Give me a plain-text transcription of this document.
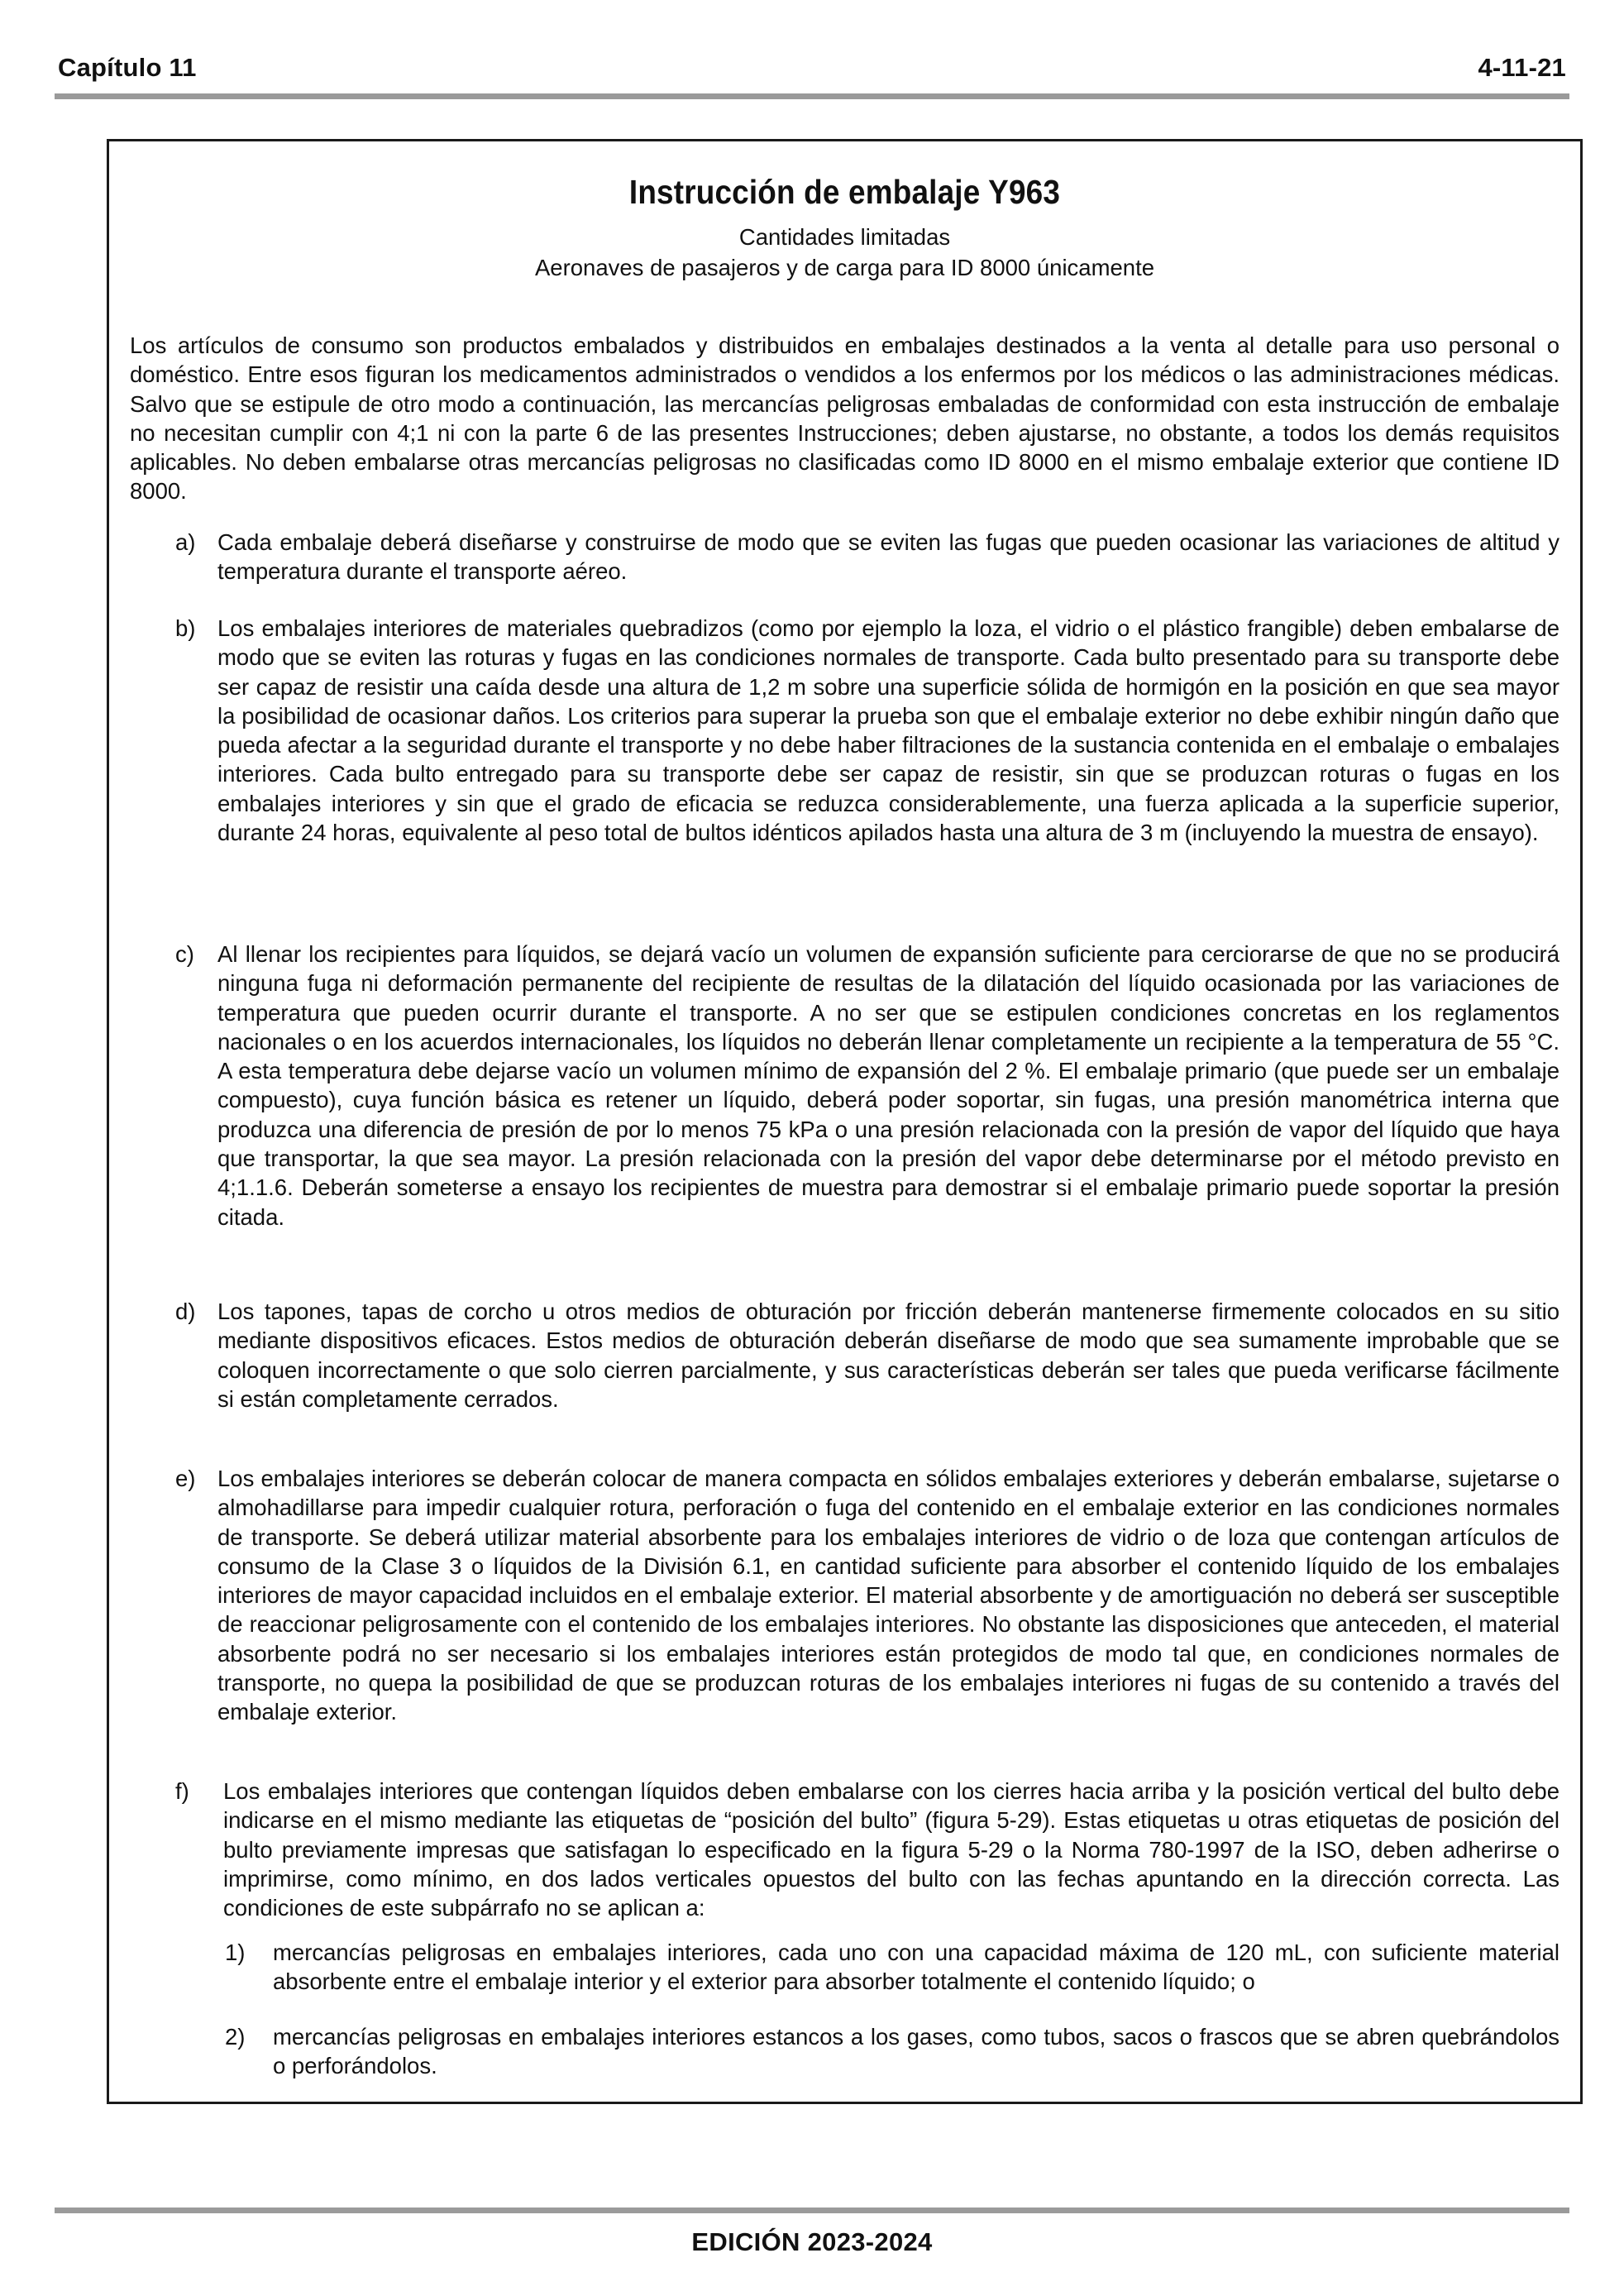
Capítulo 11	4-11-21
Instrucción de embalaje Y963
Cantidades limitadas
Aeronaves de pasajeros y de carga para ID 8000 únicamente

Los artículos de consumo son productos embalados y distribuidos en embalajes destinados a la venta al detalle para uso personal o doméstico. Entre esos figuran los medicamentos administrados o vendidos a los enfermos por los médicos o las administraciones médicas. Salvo que se estipule de otro modo a continuación, las mercancías peligrosas embaladas de conformidad con esta instrucción de embalaje no necesitan cumplir con 4;1 ni con la parte 6 de las presentes Instrucciones; deben ajustarse, no obstante, a todos los demás requisitos aplicables. No deben embalarse otras mercancías peligrosas no clasificadas como ID 8000 en el mismo embalaje exterior que contiene ID 8000.

a) Cada embalaje deberá diseñarse y construirse de modo que se eviten las fugas que pueden ocasionar las variaciones de altitud y temperatura durante el transporte aéreo.

b) Los embalajes interiores de materiales quebradizos (como por ejemplo la loza, el vidrio o el plástico frangible) deben embalarse de modo que se eviten las roturas y fugas en las condiciones normales de transporte. Cada bulto presentado para su transporte debe ser capaz de resistir una caída desde una altura de 1,2 m sobre una superficie sólida de hormigón en la posición en que sea mayor la posibilidad de ocasionar daños. Los criterios para superar la prueba son que el embalaje exterior no debe exhibir ningún daño que pueda afectar a la seguridad durante el transporte y no debe haber filtraciones de la sustancia contenida en el embalaje o embalajes interiores. Cada bulto entregado para su transporte debe ser capaz de resistir, sin que se produzcan roturas o fugas en los embalajes interiores y sin que el grado de eficacia se reduzca considerablemente, una fuerza aplicada a la superficie superior, durante 24 horas, equivalente al peso total de bultos idénticos apilados hasta una altura de 3 m (incluyendo la muestra de ensayo).

c) Al llenar los recipientes para líquidos, se dejará vacío un volumen de expansión suficiente para cerciorarse de que no se producirá ninguna fuga ni deformación permanente del recipiente de resultas de la dilatación del líquido ocasionada por las variaciones de temperatura que pueden ocurrir durante el transporte. A no ser que se estipulen condiciones concretas en los reglamentos nacionales o en los acuerdos internacionales, los líquidos no deberán llenar completamente un recipiente a la temperatura de 55 °C. A esta temperatura debe dejarse vacío un volumen mínimo de expansión del 2 %. El embalaje primario (que puede ser un embalaje compuesto), cuya función básica es retener un líquido, deberá poder soportar, sin fugas, una presión manométrica interna que produzca una diferencia de presión de por lo menos 75 kPa o una presión relacionada con la presión de vapor del líquido que haya que transportar, la que sea mayor. La presión relacionada con la presión del vapor debe determinarse por el método previsto en 4;1.1.6. Deberán someterse a ensayo los recipientes de muestra para demostrar si el embalaje primario puede soportar la presión citada.

d) Los tapones, tapas de corcho u otros medios de obturación por fricción deberán mantenerse firmemente colocados en su sitio mediante dispositivos eficaces. Estos medios de obturación deberán diseñarse de modo que sea sumamente improbable que se coloquen incorrectamente o que solo cierren parcialmente, y sus características deberán ser tales que pueda verificarse fácilmente si están completamente cerrados.

e) Los embalajes interiores se deberán colocar de manera compacta en sólidos embalajes exteriores y deberán embalarse, sujetarse o almohadillarse para impedir cualquier rotura, perforación o fuga del contenido en el embalaje exterior en las condiciones normales de transporte. Se deberá utilizar material absorbente para los embalajes interiores de vidrio o de loza que contengan artículos de consumo de la Clase 3 o líquidos de la División 6.1, en cantidad suficiente para absorber el contenido líquido de los embalajes interiores de mayor capacidad incluidos en el embalaje exterior. El material absorbente y de amortiguación no deberá ser susceptible de reaccionar peligrosamente con el contenido de los embalajes interiores. No obstante las disposiciones que anteceden, el material absorbente podrá no ser necesario si los embalajes interiores están protegidos de modo tal que, en condiciones normales de transporte, no quepa la posibilidad de que se produzcan roturas de los embalajes interiores ni fugas de su contenido a través del embalaje exterior.

f) Los embalajes interiores que contengan líquidos deben embalarse con los cierres hacia arriba y la posición vertical del bulto debe indicarse en el mismo mediante las etiquetas de “posición del bulto” (figura 5-29). Estas etiquetas u otras etiquetas de posición del bulto previamente impresas que satisfagan lo especificado en la figura 5-29 o la Norma 780-1997 de la ISO, deben adherirse o imprimirse, como mínimo, en dos lados verticales opuestos del bulto con las fechas apuntando en la dirección correcta. Las condiciones de este subpárrafo no se aplican a:

1) mercancías peligrosas en embalajes interiores, cada uno con una capacidad máxima de 120 mL, con suficiente material absorbente entre el embalaje interior y el exterior para absorber totalmente el contenido líquido; o

2) mercancías peligrosas en embalajes interiores estancos a los gases, como tubos, sacos o frascos que se abren quebrándolos o perforándolos.

EDICIÓN 2023-2024
